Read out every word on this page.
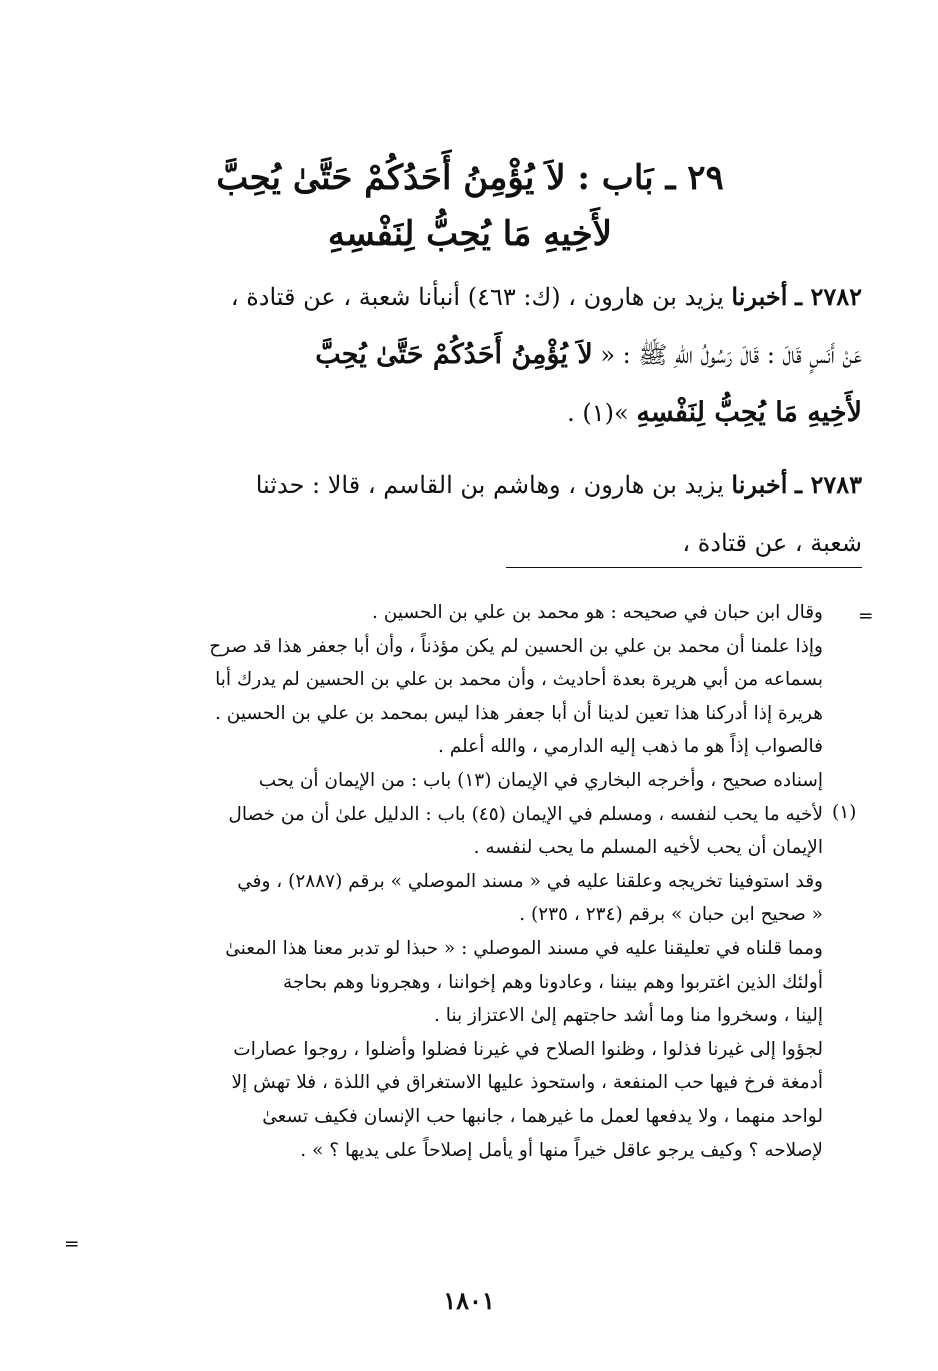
٢٩ ـ بَاب : لاَ يُؤْمِنُ أَحَدُكُمْ حَتَّىٰ يُحِبَّ
لأَخِيهِ مَا يُحِبُّ لِنَفْسِهِ

٢٧٨٢ ـ أخبرنا يزيد بن هارون ، (ك: ٤٦٣) أنبأنا شعبة ، عن قتادة ،

عَنْ أَنَسٍ قَالَ : قَالَ رَسُولُ اللهِ ﷺ : « لاَ يُؤْمِنُ أَحَدُكُمْ حَتَّىٰ يُحِبَّ

لأَخِيهِ مَا يُحِبُّ لِنَفْسِهِ »(١) .

٢٧٨٣ ـ أخبرنا يزيد بن هارون ، وهاشم بن القاسم ، قالا : حدثنا

شعبة ، عن قتادة ،

=
(١)
=

وقال ابن حبان في صحيحه : هو محمد بن علي بن الحسين .

وإذا علمنا أن محمد بن علي بن الحسين لم يكن مؤذناً ، وأن أبا جعفر هذا قد صرح

بسماعه من أبي هريرة بعدة أحاديث ، وأن محمد بن علي بن الحسين لم يدرك أبا

هريرة إذا أدركنا هذا تعين لدينا أن أبا جعفر هذا ليس بمحمد بن علي بن الحسين .

فالصواب إذاً هو ما ذهب إليه الدارمي ، والله أعلم .

إسناده صحيح ، وأخرجه البخاري في الإيمان (١٣) باب : من الإيمان أن يحب

لأخيه ما يحب لنفسه ، ومسلم في الإيمان (٤٥) باب : الدليل علىٰ أن من خصال

الإيمان أن يحب لأخيه المسلم ما يحب لنفسه .

وقد استوفينا تخريجه وعلقنا عليه في « مسند الموصلي » برقم (٢٨٨٧) ، وفي

« صحيح ابن حبان » برقم (٢٣٤ ، ٢٣٥) .

ومما قلناه في تعليقنا عليه في مسند الموصلي : « حبذا لو تدبر معنا هذا المعنىٰ

أولئك الذين اغتربوا وهم بيننا ، وعادونا وهم إخواننا ، وهجرونا وهم بحاجة

إلينا ، وسخروا منا وما أشد حاجتهم إلىٰ الاعتزاز بنا .

لجؤوا إلى غيرنا فذلوا ، وظنوا الصلاح في غيرنا فضلوا وأضلوا ، روجوا عصارات

أدمغة فرخ فيها حب المنفعة ، واستحوذ عليها الاستغراق في اللذة ، فلا تهش إلا

لواحد منهما ، ولا يدفعها لعمل ما غيرهما ، جانبها حب الإنسان فكيف تسعىٰ

لإصلاحه ؟ وكيف يرجو عاقل خيراً منها أو يأمل إصلاحاً على يديها ؟ » .

١٨٠١
